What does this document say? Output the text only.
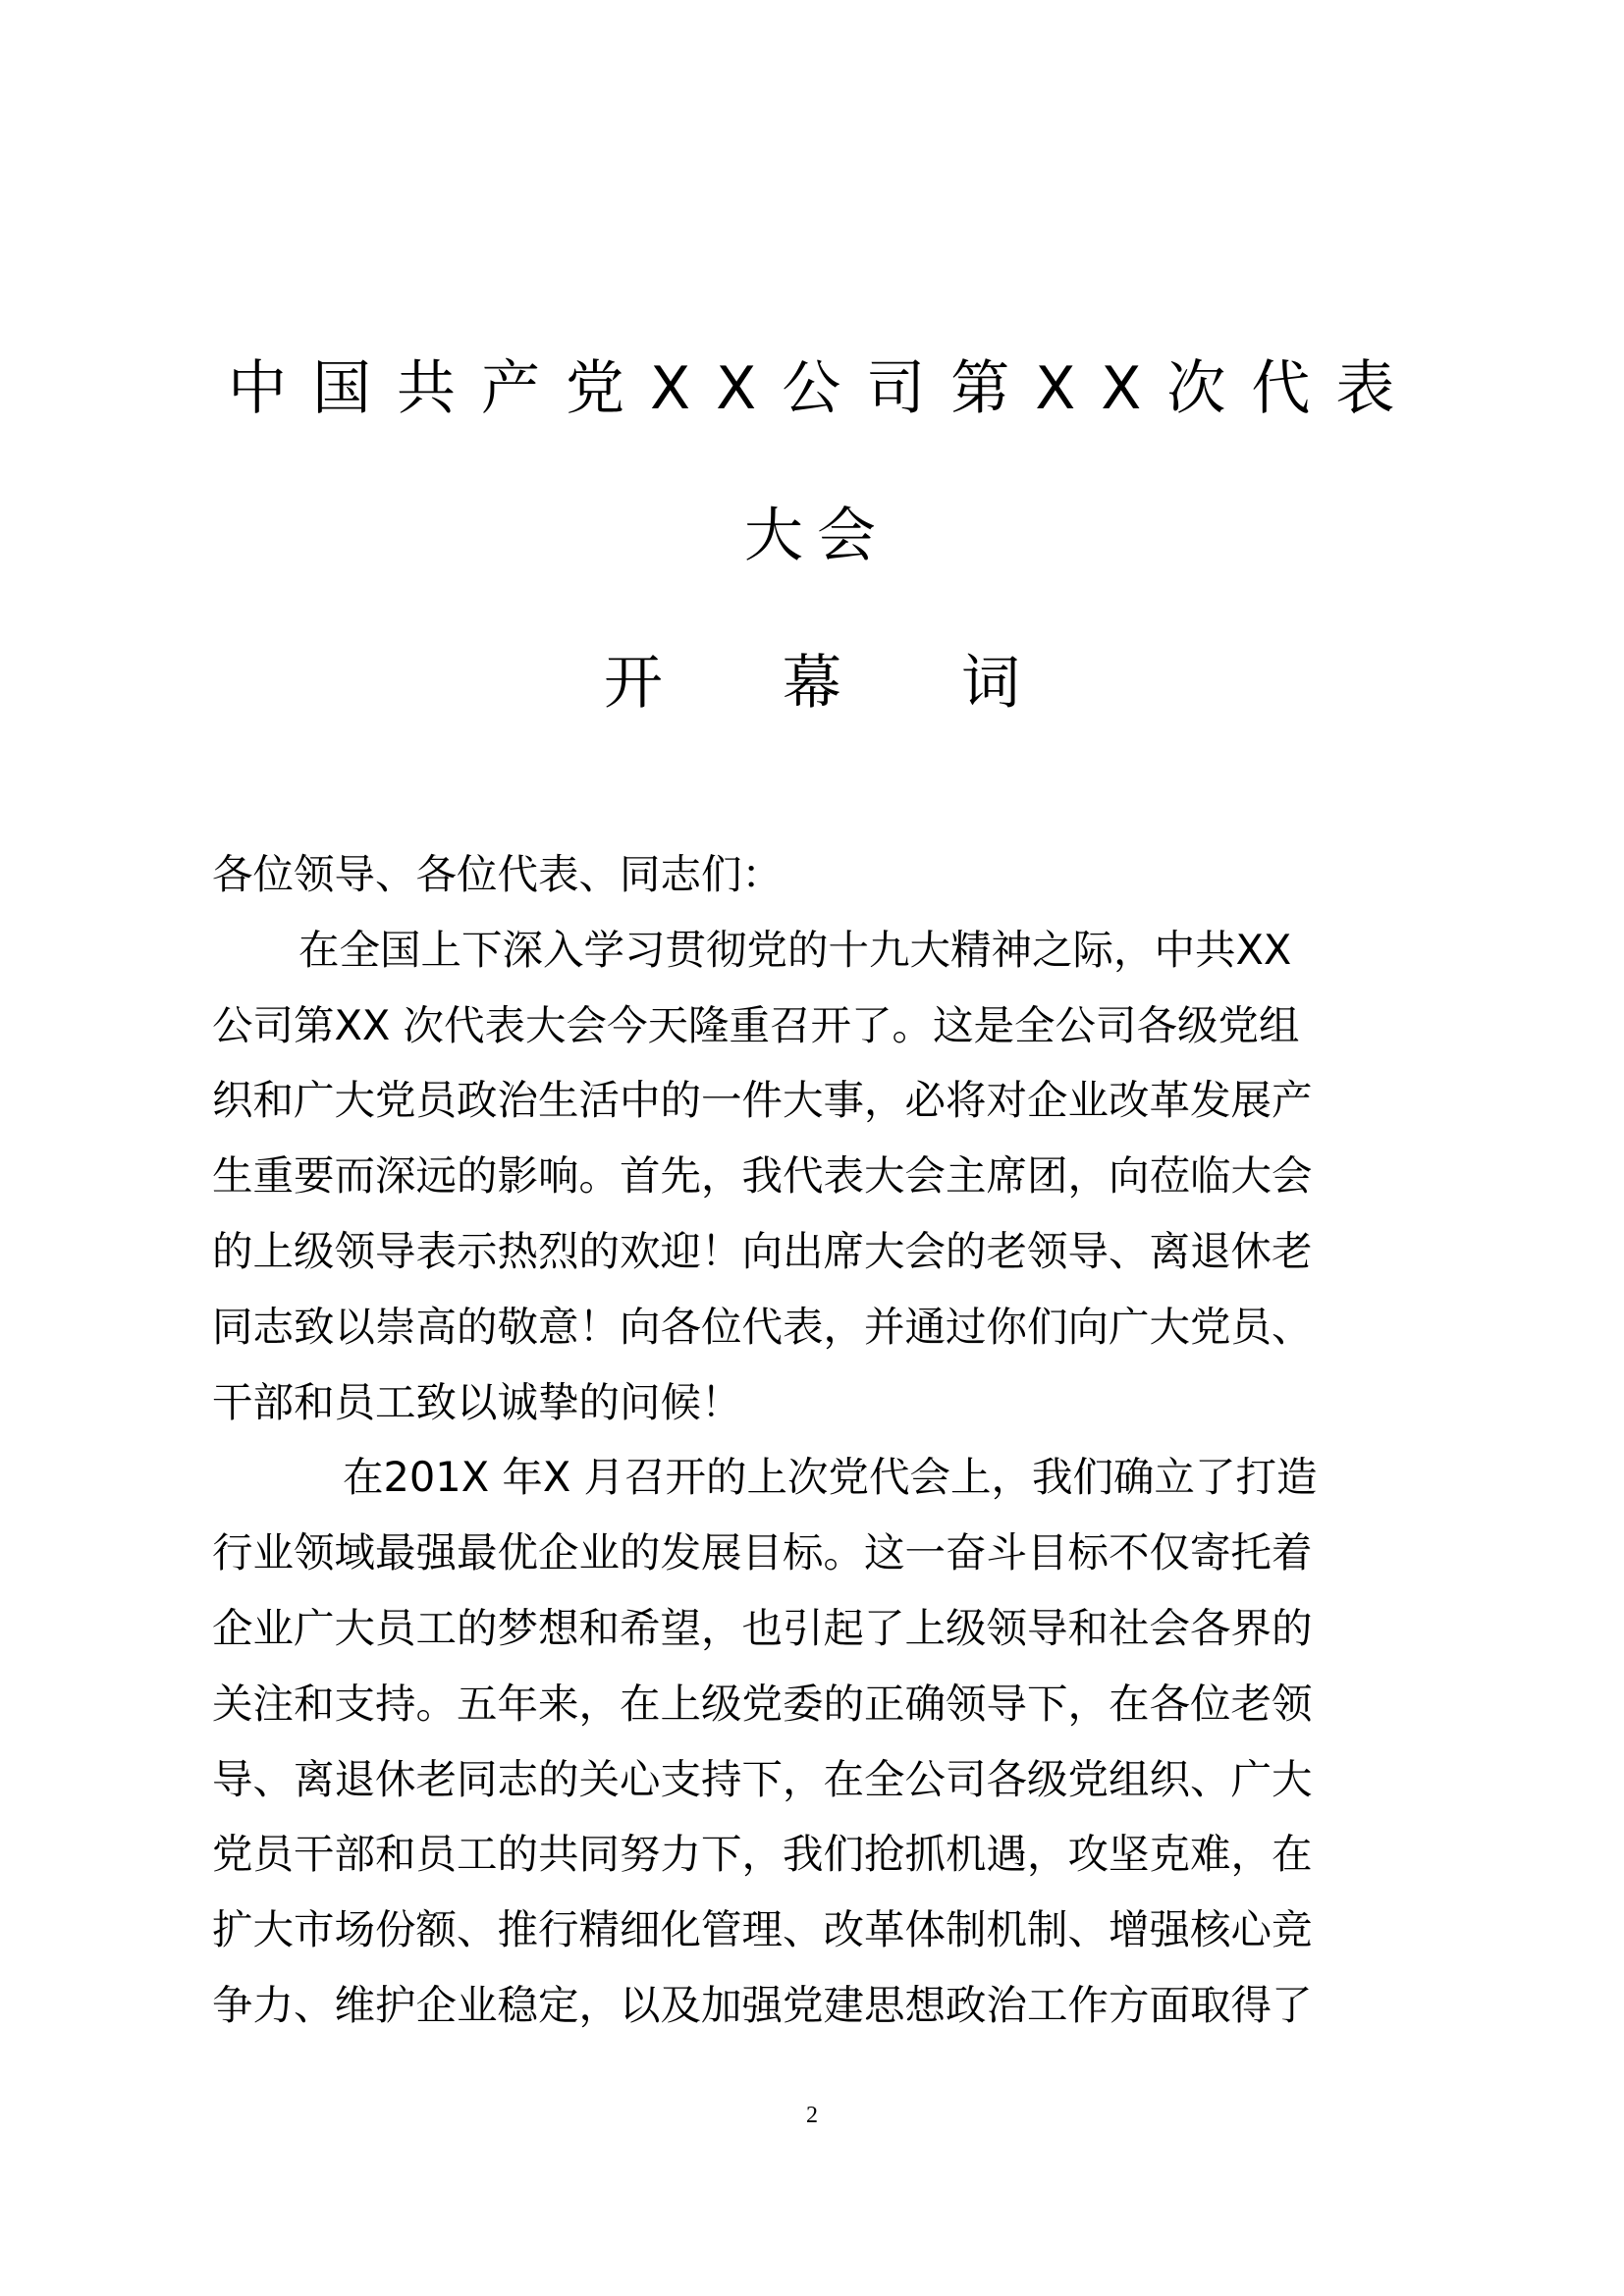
中国共产党XX公司第XX次代表
大会
开幕词
各位领导、各位代表、同志们：
在全国上下深入学习贯彻党的十九大精神之际，中共XX
公司第XX 次代表大会今天隆重召开了。这是全公司各级党组
织和广大党员政治生活中的一件大事，必将对企业改革发展产
生重要而深远的影响。首先，我代表大会主席团，向莅临大会
的上级领导表示热烈的欢迎！向出席大会的老领导、离退休老
同志致以崇高的敬意！向各位代表，并通过你们向广大党员、
干部和员工致以诚挚的问候！
在201X 年X 月召开的上次党代会上，我们确立了打造
行业领域最强最优企业的发展目标。这一奋斗目标不仅寄托着
企业广大员工的梦想和希望，也引起了上级领导和社会各界的
关注和支持。五年来，在上级党委的正确领导下，在各位老领
导、离退休老同志的关心支持下，在全公司各级党组织、广大
党员干部和员工的共同努力下，我们抢抓机遇，攻坚克难，在
扩大市场份额、推行精细化管理、改革体制机制、增强核心竞
争力、维护企业稳定，以及加强党建思想政治工作方面取得了
2
